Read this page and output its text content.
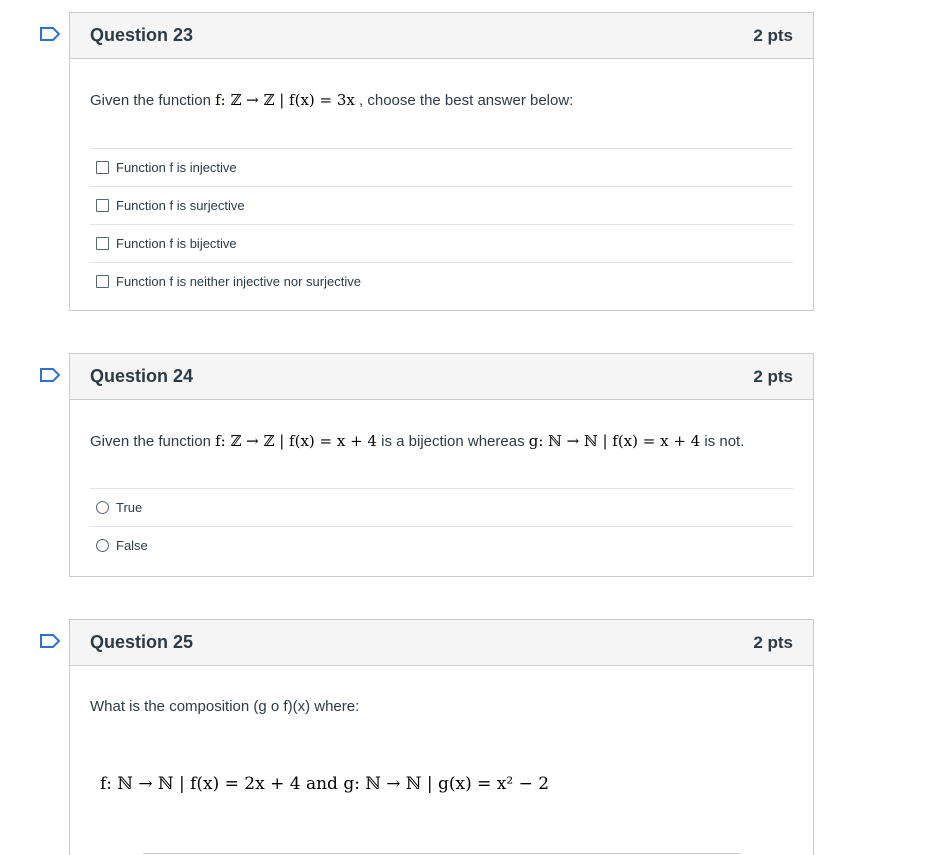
Question 23	2 pts
Given the function f: ℤ → ℤ | f(x) = 3x , choose the best answer below:
Function f is injective
Function f is surjective
Function f is bijective
Function f is neither injective nor surjective
Question 24	2 pts
Given the function f: ℤ → ℤ | f(x) = x + 4 is a bijection whereas g: ℕ → ℕ | f(x) = x + 4 is not.
True
False
Question 25	2 pts
What is the composition (g o f)(x) where:
f: ℕ → ℕ | f(x) = 2x + 4 and g: ℕ → ℕ | g(x) = x² − 2
